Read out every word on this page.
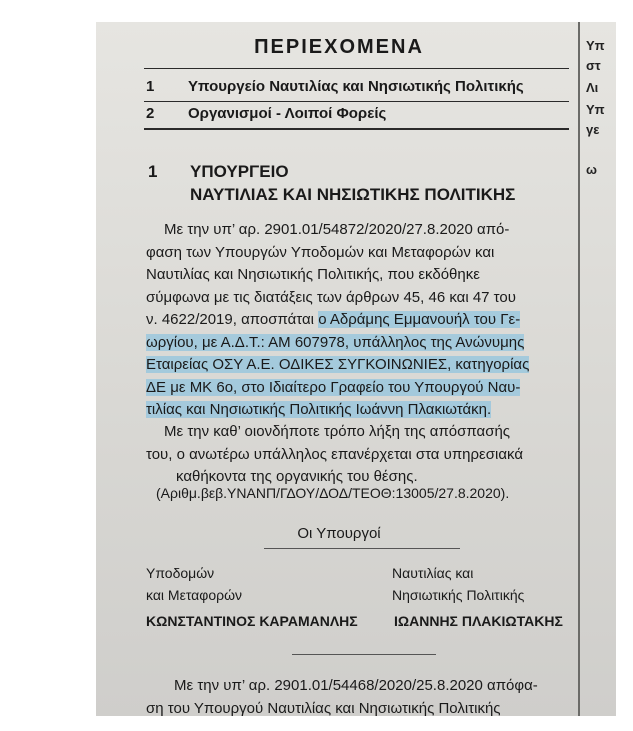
ΠΕΡΙΕΧΟΜΕΝΑ
1 Υπουργείο Ναυτιλίας και Νησιωτικής Πολιτικής
2 Οργανισμοί - Λοιποί Φορείς
1 ΥΠΟΥΡΓΕΙΟ
ΝΑΥΤΙΛΙΑΣ ΚΑΙ ΝΗΣΙΩΤΙΚΗΣ ΠΟΛΙΤΙΚΗΣ
Με την υπ’ αρ. 2901.01/54872/2020/27.8.2020 από-
φαση των Υπουργών Υποδομών και Μεταφορών και
Ναυτιλίας και Νησιωτικής Πολιτικής, που εκδόθηκε
σύμφωνα με τις διατάξεις των άρθρων 45, 46 και 47 του
ν. 4622/2019, αποσπάται ο Αδράμης Εμμανουήλ του Γε-
ωργίου, με Α.Δ.Τ.: ΑΜ 607978, υπάλληλος της Ανώνυμης
Εταιρείας ΟΣΥ Α.Ε. ΟΔΙΚΕΣ ΣΥΓΚΟΙΝΩΝΙΕΣ, κατηγορίας
ΔΕ με ΜΚ 6ο, στο Ιδιαίτερο Γραφείο του Υπουργού Ναυ-
τιλίας και Νησιωτικής Πολιτικής Ιωάννη Πλακιωτάκη.
Με την καθ’ οιονδήποτε τρόπο λήξη της απόσπασής
του, ο ανωτέρω υπάλληλος επανέρχεται στα υπηρεσιακά
καθήκοντα της οργανικής του θέσης.
(Αριθμ.βεβ.ΥΝΑΝΠ/ΓΔΟΥ/ΔΟΔ/ΤΕΟΘ:13005/27.8.2020).
Οι Υπουργοί
Υποδομών
και Μεταφορών
Ναυτιλίας και
Νησιωτικής Πολιτικής
ΚΩΝΣΤΑΝΤΙΝΟΣ ΚΑΡΑΜΑΝΛΗΣ	ΙΩΑΝΝΗΣ ΠΛΑΚΙΩΤΑΚΗΣ
Με την υπ’ αρ. 2901.01/54468/2020/25.8.2020 απόφα-
ση του Υπουργού Ναυτιλίας και Νησιωτικής Πολιτικής
Υπ
στ
Λι
Υπ
γε
ω
